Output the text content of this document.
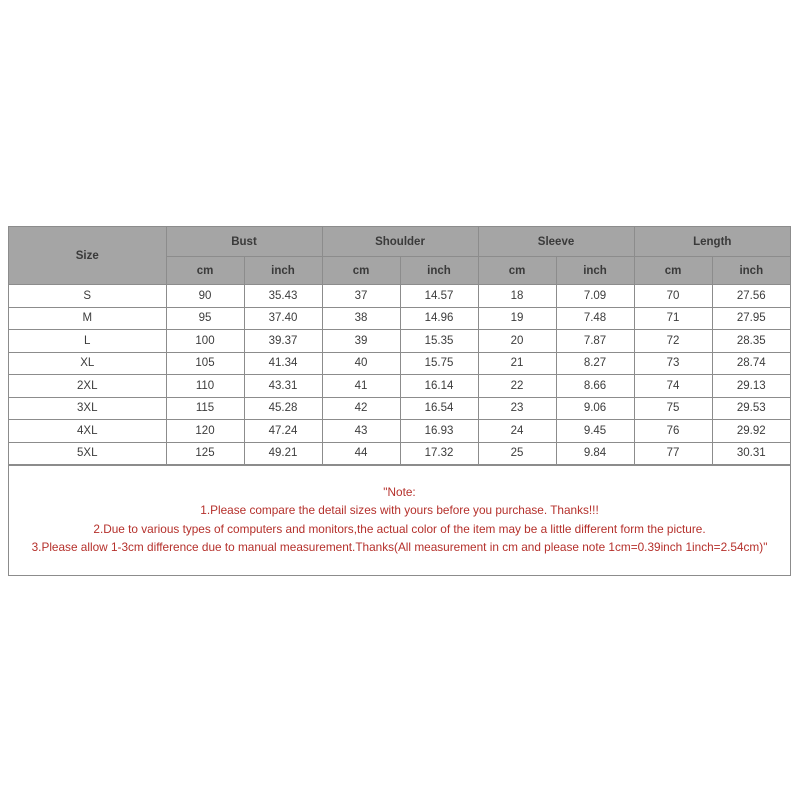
Size	Bust		Shoulder		Sleeve		Length	
	cm	inch	cm	inch	cm	inch	cm	inch
S	90	35.43	37	14.57	18	7.09	70	27.56
M	95	37.40	38	14.96	19	7.48	71	27.95
L	100	39.37	39	15.35	20	7.87	72	28.35
XL	105	41.34	40	15.75	21	8.27	73	28.74
2XL	110	43.31	41	16.14	22	8.66	74	29.13
3XL	115	45.28	42	16.54	23	9.06	75	29.53
4XL	120	47.24	43	16.93	24	9.45	76	29.92
5XL	125	49.21	44	17.32	25	9.84	77	30.31
"Note:
1.Please compare the detail sizes with yours before you purchase. Thanks!!!
2.Due to various types of computers and monitors,the actual color of the item may be a little different form the picture.
3.Please allow 1-3cm difference due to manual measurement.Thanks(All measurement in cm and please note 1cm=0.39inch 1inch=2.54cm)"
